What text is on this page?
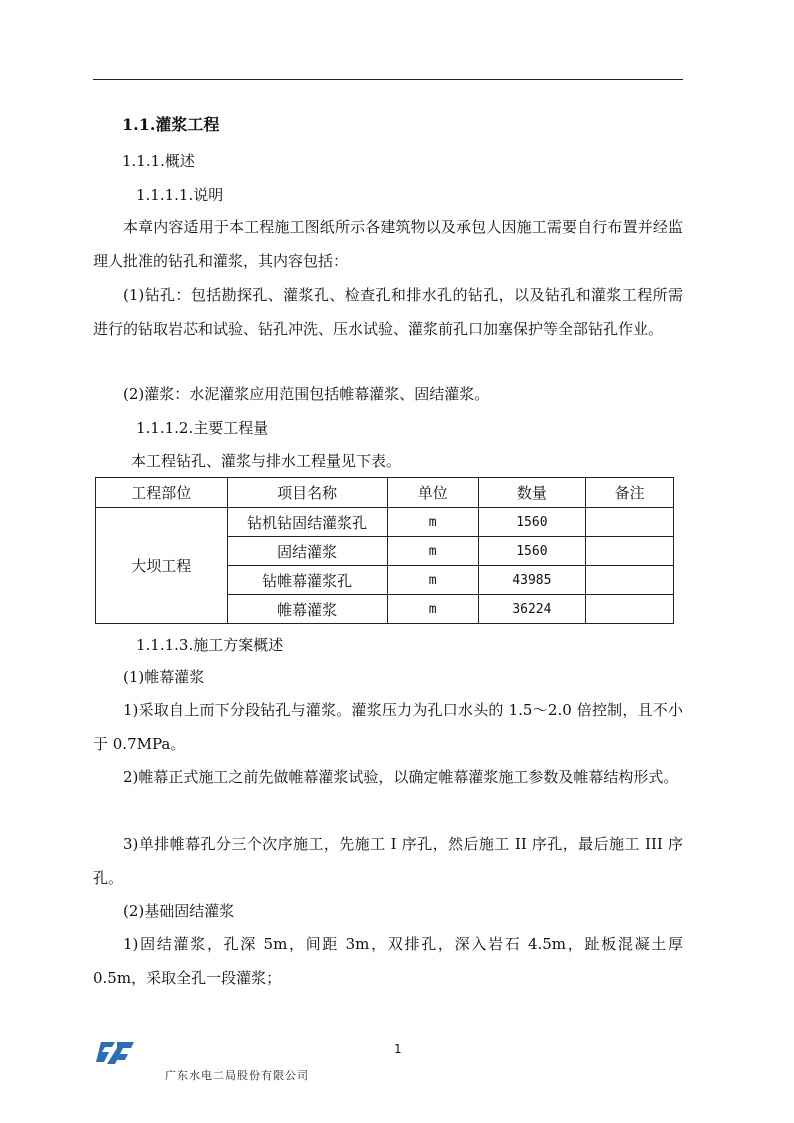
1.1.灌浆工程
1.1.1.概述
1.1.1.1.说明

本章内容适用于本工程施工图纸所示各建筑物以及承包人因施工需要自行布置并经监理人批准的钻孔和灌浆，其内容包括：

(1)钻孔：包括勘探孔、灌浆孔、检查孔和排水孔的钻孔，以及钻孔和灌浆工程所需进行的钻取岩芯和试验、钻孔冲洗、压水试验、灌浆前孔口加塞保护等全部钻孔作业。

(2)灌浆：水泥灌浆应用范围包括帷幕灌浆、固结灌浆。

1.1.1.2.主要工程量

本工程钻孔、灌浆与排水工程量见下表。

工程部位	项目名称	单位	数量	备注
大坝工程	钻机钻固结灌浆孔	m	1560	
	固结灌浆	m	1560	
	钻帷幕灌浆孔	m	43985	
	帷幕灌浆	m	36224	
1.1.1.3.施工方案概述

(1)帷幕灌浆

1)采取自上而下分段钻孔与灌浆。灌浆压力为孔口水头的 1.5～2.0 倍控制，且不小于 0.7MPa。

2)帷幕正式施工之前先做帷幕灌浆试验，以确定帷幕灌浆施工参数及帷幕结构形式。

3)单排帷幕孔分三个次序施工，先施工 I 序孔，然后施工 II 序孔，最后施工 III 序孔。

(2)基础固结灌浆

1)固结灌浆，孔深 5m，间距 3m，双排孔，深入岩石 4.5m，趾板混凝土厚 0.5m，采取全孔一段灌浆；

1
广东水电二局股份有限公司
